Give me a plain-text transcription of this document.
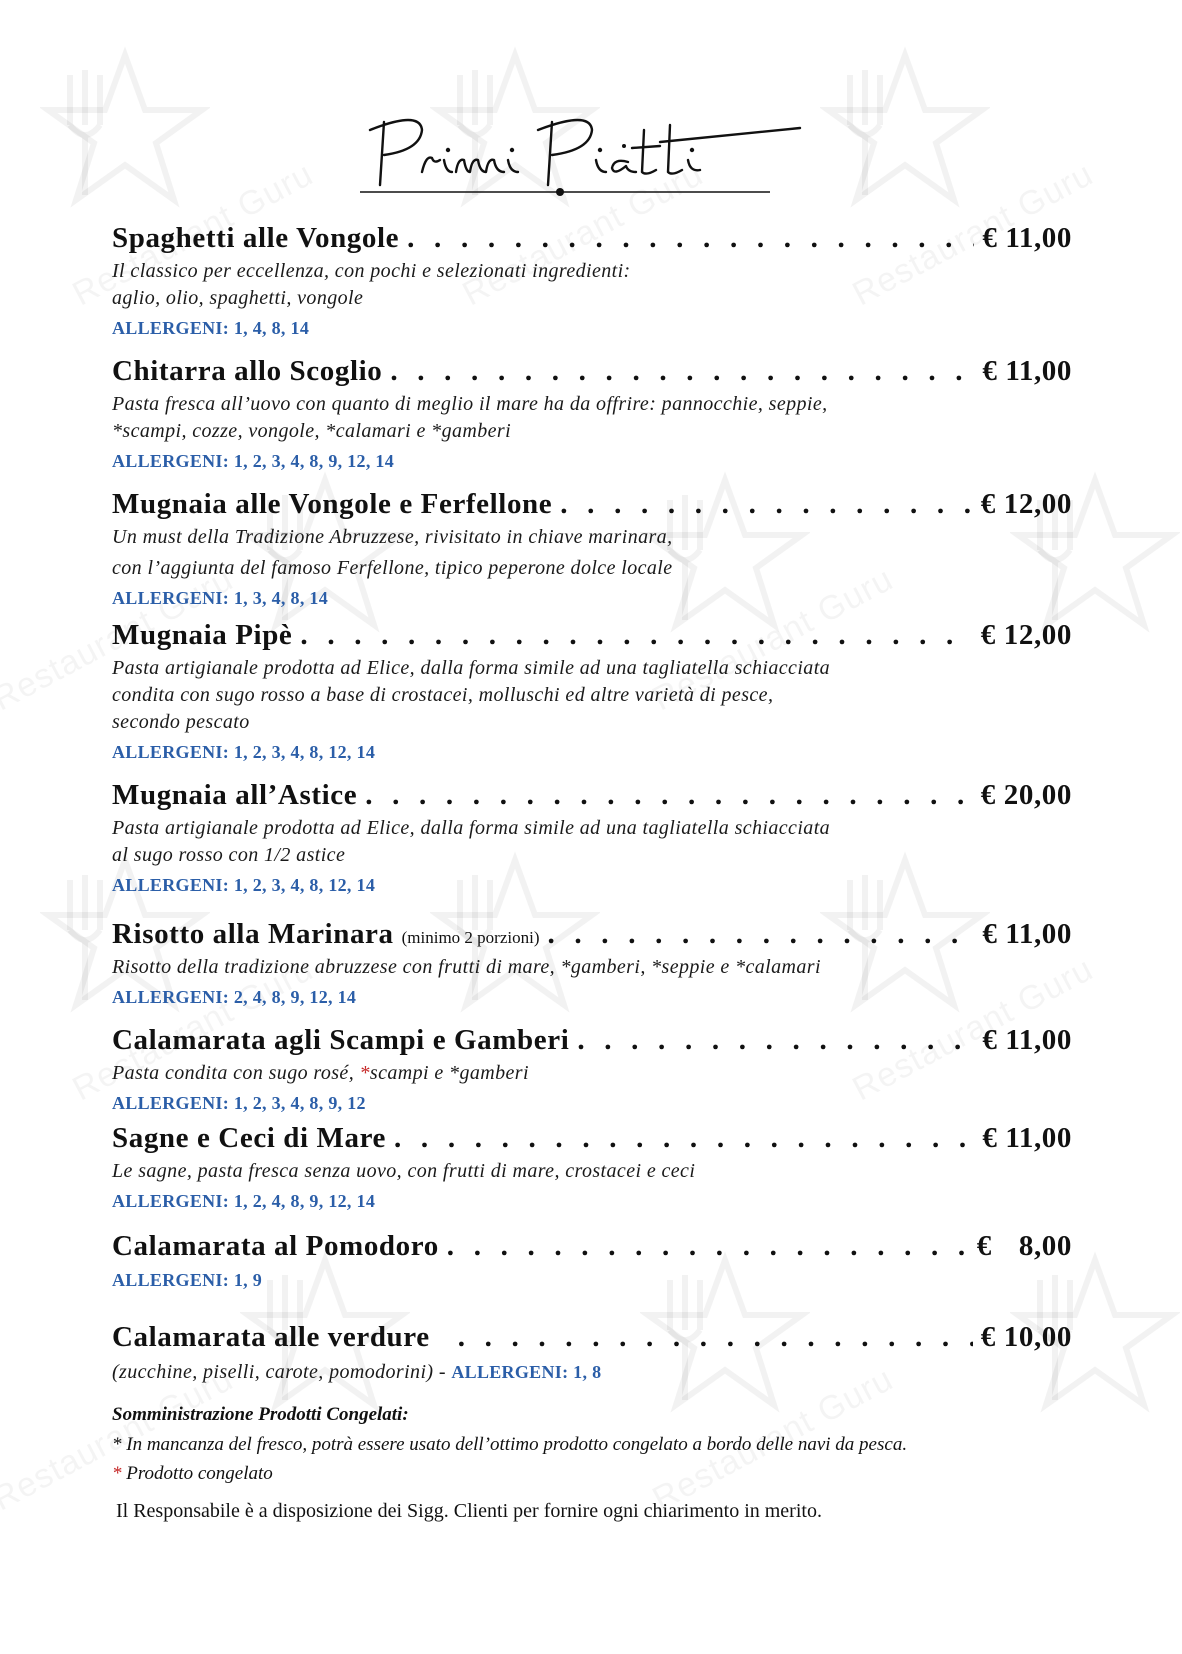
Spaghetti alle Vongole . . .	€ 11,00
Il classico per eccellenza, con pochi e selezionati ingredienti:
aglio, olio, spaghetti, vongole
ALLERGENI: 1, 4, 8, 14
Chitarra allo Scoglio . . .	€ 11,00
Pasta fresca all’uovo con quanto di meglio il mare ha da offrire: pannocchie, seppie,
*scampi, cozze, vongole, *calamari e *gamberi
ALLERGENI: 1, 2, 3, 4, 8, 9, 12, 14
Mugnaia alle Vongole e Ferfellone . . .	€ 12,00
Un must della Tradizione Abruzzese, rivisitato in chiave marinara,
con l’aggiunta del famoso Ferfellone, tipico peperone dolce locale
ALLERGENI: 1, 3, 4, 8, 14
Mugnaia Pipè . . .	€ 12,00
Pasta artigianale prodotta ad Elice, dalla forma simile ad una tagliatella schiacciata
condita con sugo rosso a base di crostacei, molluschi ed altre varietà di pesce,
secondo pescato
ALLERGENI: 1, 2, 3, 4, 8, 12, 14
Mugnaia all’Astice . . .	€ 20,00
Pasta artigianale prodotta ad Elice, dalla forma simile ad una tagliatella schiacciata
al sugo rosso con 1/2 astice
ALLERGENI: 1, 2, 3, 4, 8, 12, 14
Risotto alla Marinara (minimo 2 porzioni) . . .	€ 11,00
Risotto della tradizione abruzzese con frutti di mare, *gamberi, *seppie e *calamari
ALLERGENI: 2, 4, 8, 9, 12, 14
Calamarata agli Scampi e Gamberi . . .	€ 11,00
Pasta condita con sugo rosé, *scampi e *gamberi
ALLERGENI: 1, 2, 3, 4, 8, 9, 12
Sagne e Ceci di Mare . . .	€ 11,00
Le sagne, pasta fresca senza uovo, con frutti di mare, crostacei e ceci
ALLERGENI: 1, 2, 4, 8, 9, 12, 14
Calamarata al Pomodoro . . .	€ 8,00
ALLERGENI: 1, 9
Calamarata alle verdure . . .	€ 10,00
(zucchine, piselli, carote, pomodorini) - ALLERGENI: 1, 8
Somministrazione Prodotti Congelati:
* In mancanza del fresco, potrà essere usato dell’ottimo prodotto congelato a bordo delle navi da pesca.
* Prodotto congelato
Il Responsabile è a disposizione dei Sigg. Clienti per fornire ogni chiarimento in merito.
